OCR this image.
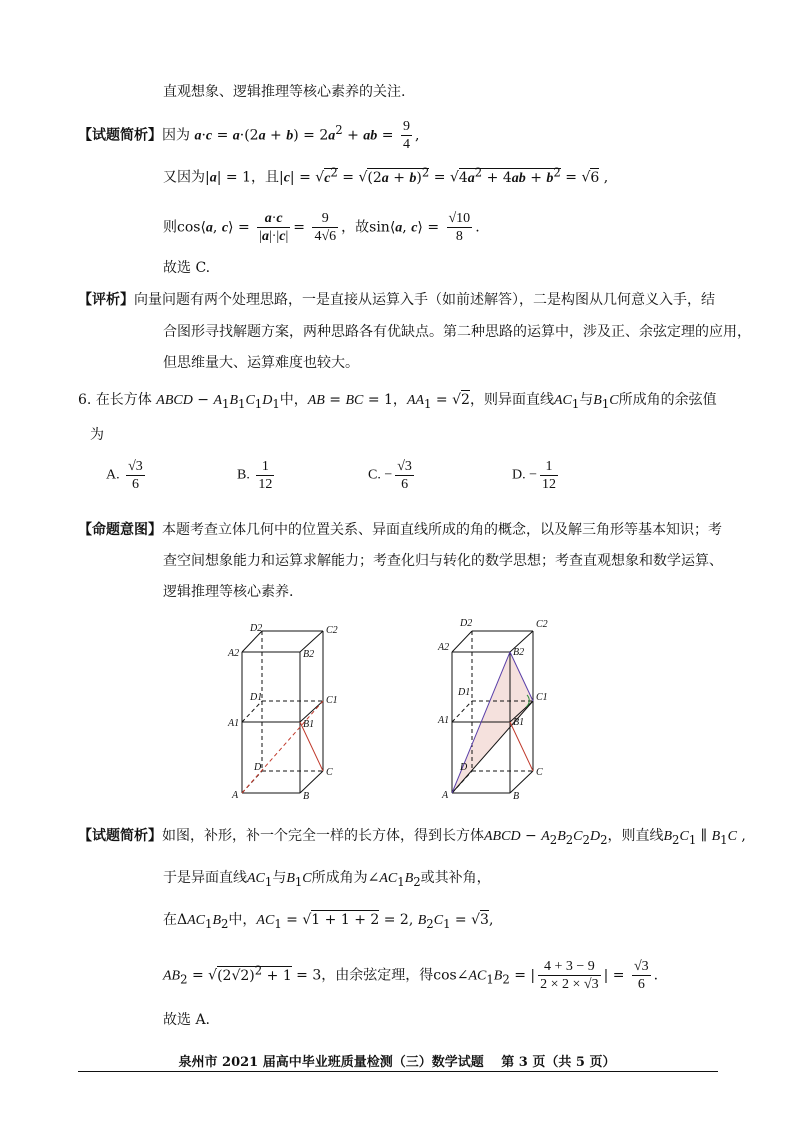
直观想象、逻辑推理等核心素养的关注.
【试题简析】因为 $a\cdot c = a\cdot(2a + b) = 2a^2$ + ab = $\frac{9}{4}$ ,
又因为|a| = 1，且$|c| = √c^2 = √(2a + b)^2 = √4a^2 + 4ab + b^2 = √6$ ,
则cos⟨a, c⟩ = $\frac{a\cdot c}{|a|\cdot|c|} = \frac{9}{4√6}$ ，故sin⟨a, c⟩ = $\frac{√10}{8}$ .
故选 C.
【评析】向量问题有两个处理思路，一是直接从运算入手（如前述解答），二是构图从几何意义入手，结
合图形寻找解题方案，两种思路各有优缺点。第二种思路的运算中，涉及正、余弦定理的应用，
但思维量大、运算难度也较大。
6. 在长方体 ABCD − $A_1B_1C_1D_1$中，AB = BC = 1，$AA_1 = √2$，则异面直线$AC_1$与$B_1C$所成角的余弦值
为
A. $\frac{√3}{6}$	B. $\frac{1}{12}$	C. − $\frac{√3}{6}$	D. − $\frac{1}{12}$
【命题意图】本题考查立体几何中的位置关系、异面直线所成的角的概念，以及解三角形等基本知识；考
查空间想象能力和运算求解能力；考查化归与转化的数学思想；考查直观想象和数学运算、
逻辑推理等核心素养.
D2	C2
A2	B2
D1	C1
A1	B1
D	C
A	B
D2	C2
A2	B2
D1	C1
A1	B1
D	C
A	B
【试题简析】如图，补形，补一个完全一样的长方体，得到长方体ABCD − $A_2B_2C_2D_2$，则直线$B_2C_1$ ∥ $B_1C$ ,
于是异面直线$AC_1$与$B_1C$所成角为$\angle AC_1B_2$或其补角，
在$\Delta AC_1B_2$中，$AC_1 = √1 + 1 + 2 = 2$, $B_2C_1 = √3$,
$AB_2 = √(2√2)^2 + 1 = 3$，由余弦定理，得$\cos\angle AC_1B_2$ = | $\frac{4 + 3 - 9}{2 \times 2 \times √3}$ | = $\frac{√3}{6}$ .
故选 A.
泉州市 2021 届高中毕业班质量检测（三）数学试题　 第 3 页（共 5 页）
